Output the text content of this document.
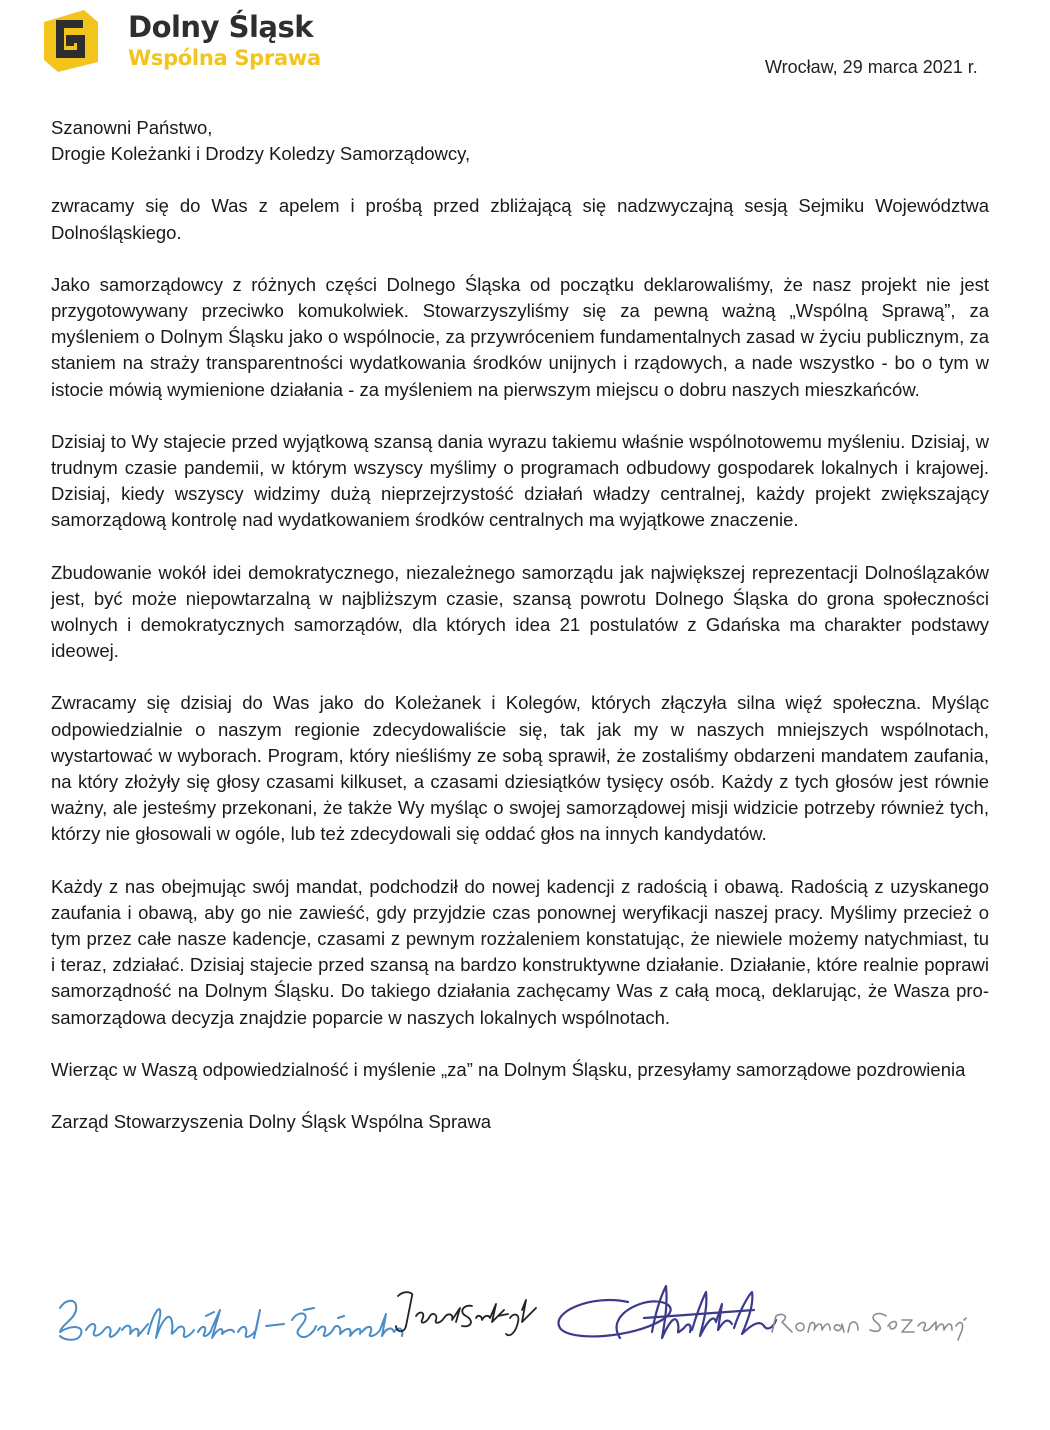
Dolny Śląsk
Wspólna Sprawa	Wrocław, 29 marca 2021 r.
Szanowni Państwo,
Drogie Koleżanki i Drodzy Koledzy Samorządowcy,

zwracamy się do Was z apelem i prośbą przed zbliżającą się nadzwyczajną sesją Sejmiku Województwa Dolnośląskiego.

Jako samorządowcy z różnych części Dolnego Śląska od początku deklarowaliśmy, że nasz projekt nie jest przygotowywany przeciwko komukolwiek. Stowarzyszyliśmy się za pewną ważną „Wspólną Sprawą”, za myśleniem o Dolnym Śląsku jako o wspólnocie, za przywróceniem fundamentalnych zasad w życiu publicznym, za staniem na straży transparentności wydatkowania środków unijnych i rządowych, a nade wszystko - bo o tym w istocie mówią wymienione działania - za myśleniem na pierwszym miejscu o dobru naszych mieszkańców.

Dzisiaj to Wy stajecie przed wyjątkową szansą dania wyrazu takiemu właśnie wspólnotowemu myśleniu. Dzisiaj, w trudnym czasie pandemii, w którym wszyscy myślimy o programach odbudowy gospodarek lokalnych i krajowej. Dzisiaj, kiedy wszyscy widzimy dużą nieprzejrzystość działań władzy centralnej, każdy projekt zwiększający samorządową kontrolę nad wydatkowaniem środków centralnych ma wyjątkowe znaczenie.

Zbudowanie wokół idei demokratycznego, niezależnego samorządu jak największej reprezentacji Dolnoślązaków jest, być może niepowtarzalną w najbliższym czasie, szansą powrotu Dolnego Śląska do grona społeczności wolnych i demokratycznych samorządów, dla których idea 21 postulatów z Gdańska ma charakter podstawy ideowej.

Zwracamy się dzisiaj do Was jako do Koleżanek i Kolegów, których złączyła silna więź społeczna. Myśląc odpowiedzialnie o naszym regionie zdecydowaliście się, tak jak my w naszych mniejszych wspólnotach, wystartować w wyborach. Program, który nieśliśmy ze sobą sprawił, że zostaliśmy obdarzeni mandatem zaufania, na który złożyły się głosy czasami kilkuset, a czasami dziesiątków tysięcy osób. Każdy z tych głosów jest równie ważny, ale jesteśmy przekonani, że także Wy myśląc o swojej samorządowej misji widzicie potrzeby również tych, którzy nie głosowali w ogóle, lub też zdecydowali się oddać głos na innych kandydatów.

Każdy z nas obejmując swój mandat, podchodził do nowej kadencji z radością i obawą. Radością z uzyskanego zaufania i obawą, aby go nie zawieść, gdy przyjdzie czas ponownej weryfikacji naszej pracy. Myślimy przecież o tym przez całe nasze kadencje, czasami z pewnym rozżaleniem konstatując, że niewiele możemy natychmiast, tu i teraz, zdziałać. Dzisiaj stajecie przed szansą na bardzo konstruktywne działanie. Działanie, które realnie poprawi samorządność na Dolnym Śląsku. Do takiego działania zachęcamy Was z całą mocą, deklarując, że Wasza pro-samorządowa decyzja znajdzie poparcie w naszych lokalnych wspólnotach.

Wierząc w Waszą odpowiedzialność i myślenie „za” na Dolnym Śląsku, przesyłamy samorządowe pozdrowienia

Zarząd Stowarzyszenia Dolny Śląsk Wspólna Sprawa
